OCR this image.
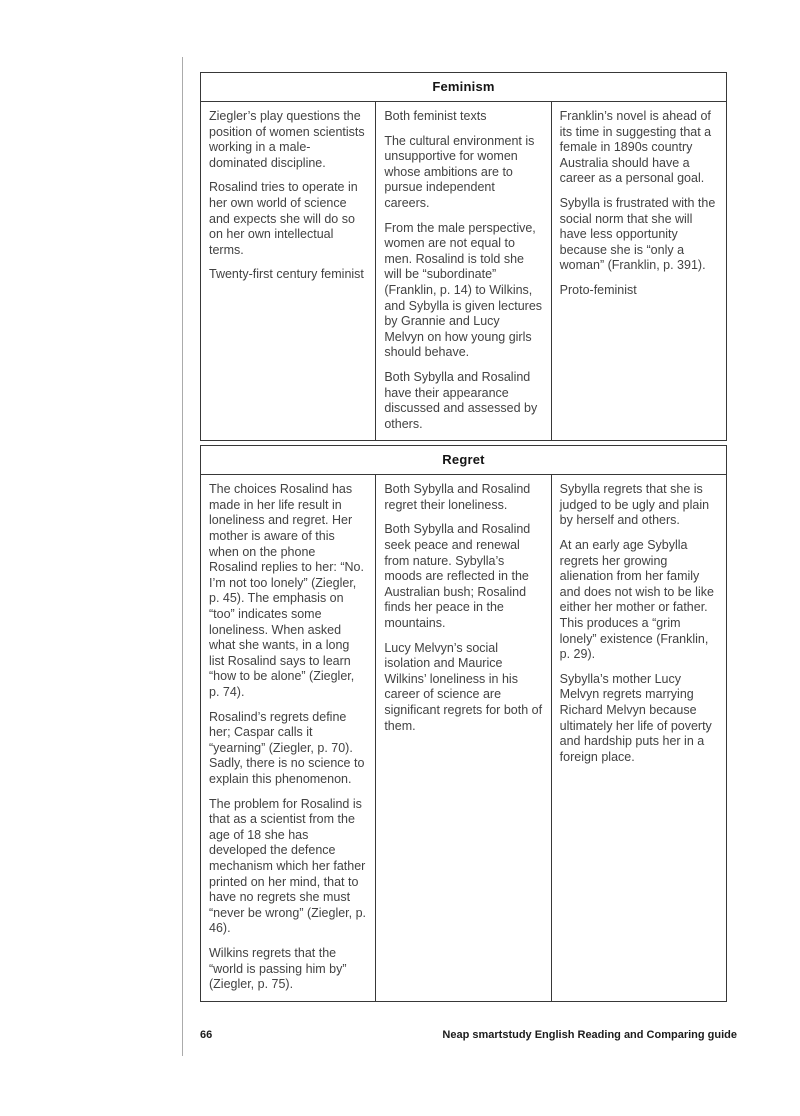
Feminism

Ziegler’s play questions the position of women scientists working in a male-dominated discipline.

Rosalind tries to operate in her own world of science and expects she will do so on her own intellectual terms.

Twenty-first century feminist

Both feminist texts

The cultural environment is unsupportive for women whose ambitions are to pursue independent careers.

From the male perspective, women are not equal to men. Rosalind is told she will be “subordinate” (Franklin, p. 14) to Wilkins, and Sybylla is given lectures by Grannie and Lucy Melvyn on how young girls should behave.

Both Sybylla and Rosalind have their appearance discussed and assessed by others.

Franklin’s novel is ahead of its time in suggesting that a female in 1890s country Australia should have a career as a personal goal.

Sybylla is frustrated with the social norm that she will have less opportunity because she is “only a woman” (Franklin, p. 391).

Proto-feminist

Regret

The choices Rosalind has made in her life result in loneliness and regret. Her mother is aware of this when on the phone Rosalind replies to her: “No. I’m not too lonely” (Ziegler, p. 45). The emphasis on “too” indicates some loneliness. When asked what she wants, in a long list Rosalind says to learn “how to be alone” (Ziegler, p. 74).

Rosalind’s regrets define her; Caspar calls it “yearning” (Ziegler, p. 70). Sadly, there is no science to explain this phenomenon.

The problem for Rosalind is that as a scientist from the age of 18 she has developed the defence mechanism which her father printed on her mind, that to have no regrets she must “never be wrong” (Ziegler, p. 46).

Wilkins regrets that the “world is passing him by” (Ziegler, p. 75).

Both Sybylla and Rosalind regret their loneliness.

Both Sybylla and Rosalind seek peace and renewal from nature. Sybylla’s moods are reflected in the Australian bush; Rosalind finds her peace in the mountains.

Lucy Melvyn’s social isolation and Maurice Wilkins’ loneliness in his career of science are significant regrets for both of them.

Sybylla regrets that she is judged to be ugly and plain by herself and others.

At an early age Sybylla regrets her growing alienation from her family and does not wish to be like either her mother or father. This produces a “grim lonely” existence (Franklin, p. 29).

Sybylla’s mother Lucy Melvyn regrets marrying Richard Melvyn because ultimately her life of poverty and hardship puts her in a foreign place.

66	Neap smartstudy English Reading and Comparing guide
